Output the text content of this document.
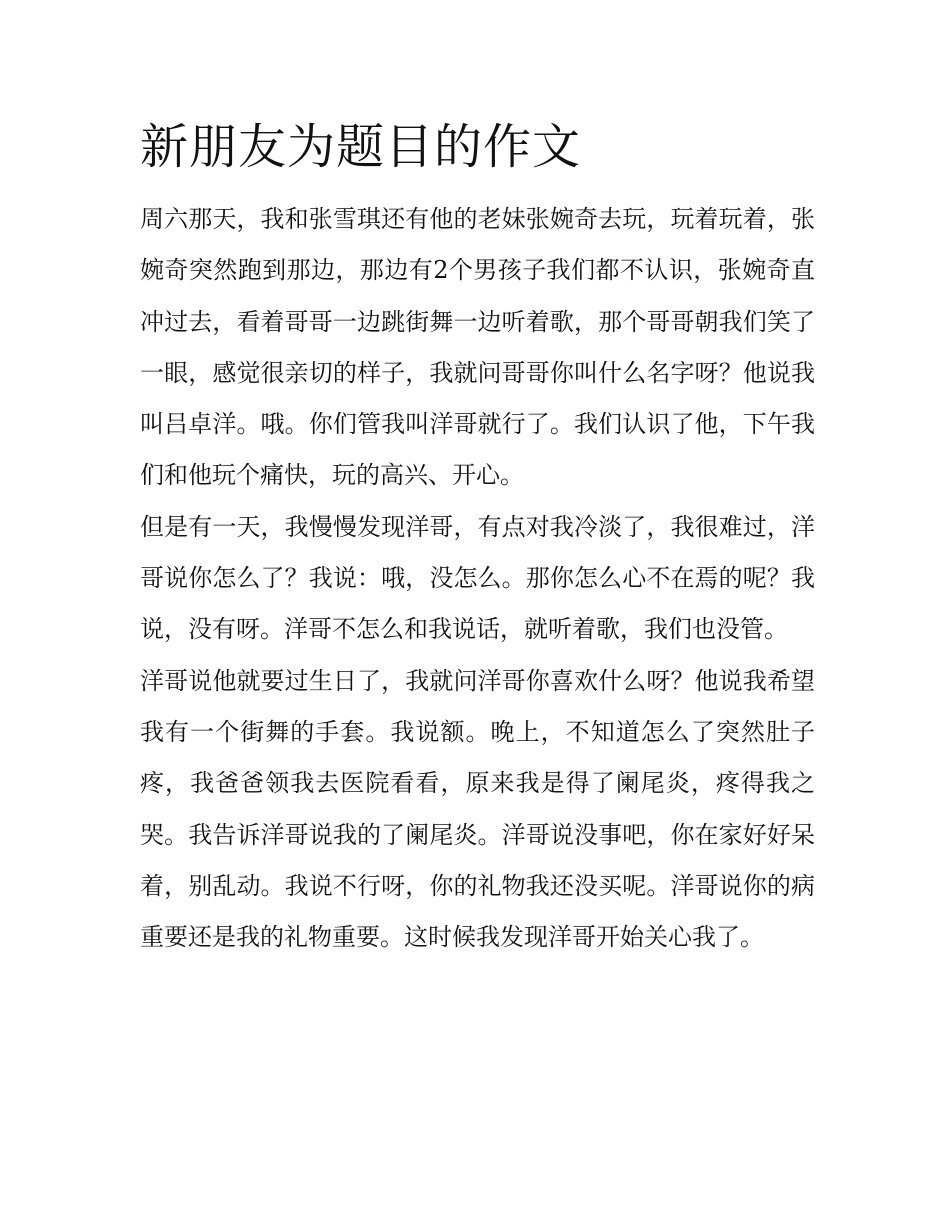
新朋友为题目的作文

周六那天，我和张雪琪还有他的老妹张婉奇去玩，玩着玩着，张婉奇突然跑到那边，那边有2个男孩子我们都不认识，张婉奇直冲过去，看着哥哥一边跳街舞一边听着歌，那个哥哥朝我们笑了一眼，感觉很亲切的样子，我就问哥哥你叫什么名字呀？他说我叫吕卓洋。哦。你们管我叫洋哥就行了。我们认识了他，下午我们和他玩个痛快，玩的高兴、开心。

但是有一天，我慢慢发现洋哥，有点对我冷淡了，我很难过，洋哥说你怎么了？我说：哦，没怎么。那你怎么心不在焉的呢？我说，没有呀。洋哥不怎么和我说话，就听着歌，我们也没管。

洋哥说他就要过生日了，我就问洋哥你喜欢什么呀？他说我希望我有一个街舞的手套。我说额。晚上，不知道怎么了突然肚子疼，我爸爸领我去医院看看，原来我是得了阑尾炎，疼得我之哭。我告诉洋哥说我的了阑尾炎。洋哥说没事吧，你在家好好呆着，别乱动。我说不行呀，你的礼物我还没买呢。洋哥说你的病重要还是我的礼物重要。这时候我发现洋哥开始关心我了。
